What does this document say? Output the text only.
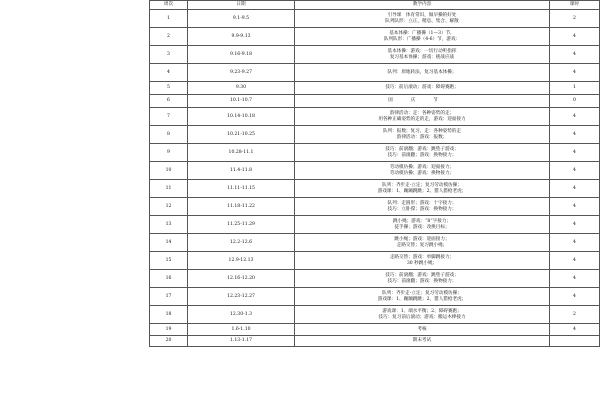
周次	日期	教学内容	课时
1	9.1-9.5	引导课　体育常识，做早操的好处
队列队形：立正、稍息、集合、解散	2
2	9.9-9.13	基本体操：广播操（1—3）节，
队列队形：广播操（4-6）节，游戏：	4
3	9.16-9.18	基本体操：游戏：一切行动听指挥
复习基本体操；游戏：挑战应战	4
4	9.23-9.27	队列：原地转法，复习基本体操；	4
5	9.30	技巧：前后滚动；游戏：障碍赛跑；	1
6	10.1-10.7	国庆节	0
7	10.14-10.18	韵律活动：走：各种姿势的走；
用各种正确姿势的走的走，游戏：迎面接力	4
8	10.21-10.25	队列：报数；复习，走：各种姿势的走
韵律活动：游戏：报数；	4
9	10.28-11.1	技巧：前滚翻；游戏：跳垫子游戏；
技巧：前滚翻；游戏：换物接力；	4
10	11.4-11.8	劳动模仿操；游戏：迎面接力；
劳动模仿操；游戏：换物接力；	4
11	11.11-11.15	队列：齐步走-立定；复习劳动模仿操；
游戏课：1、蹦蹦跳跳；2、猎人猎枪老虎；	4
12	11.18-11.22	队列：走圆形；游戏：十字接力；
技巧：立卧撑；游戏：换物接力；	4
13	11.25-11.29	跳小绳；游戏：“8”字接力；
徒手操；游戏：改换目标；	4
14	12.2-12.6	跳小绳；游戏：迎面接力；
走路交替；复习跳小绳；	4
15	12.9-12.13	走路交替；游戏：单脚跳接力；
30 秒跳小绳；	4
16	12.16-12.20	技巧：前滚翻；游戏：跳垫子游戏；
技巧：前滚翻；游戏：换物接力；	4
17	12.23-12.27	队列：齐步走-立定；复习劳动模仿操；
游戏课：1、蹦蹦跳跳；2、猎人猎枪老虎；	4
18	12.30-1.3	游戏课：1、端水平衡；2、障碍赛跑；
技巧：复习前后滚动；游戏：搬运木棒接力	2
19	1.6-1.10	考核	4
20	1.13-1.17	期末考试	
